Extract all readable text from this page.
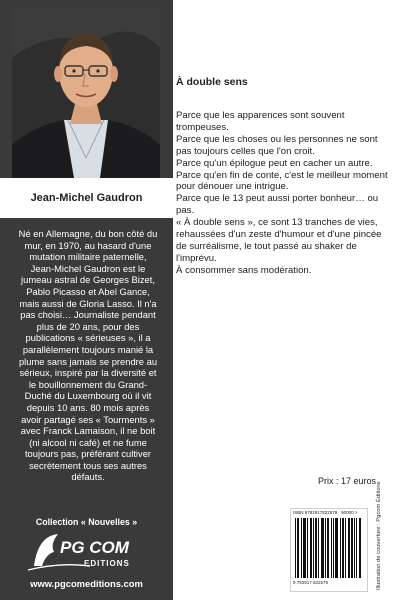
Jean-Michel Gaudron

Né en Allemagne, du bon côté du mur, en 1970, au hasard d'une mutation militaire paternelle, Jean-Michel Gaudron est le jumeau astral de Georges Bizet, Pablo Picasso et Abel Gance, mais aussi de Gloria Lasso. Il n'a pas choisi… Journaliste pendant plus de 20 ans, pour des publications « sérieuses », il a parallèlement toujours manié la plume sans jamais se prendre au sérieux, inspiré par la diversité et le bouillonnement du Grand-Duché du Luxembourg où il vit depuis 10 ans. 80 mois après avoir partagé ses « Tourments » avec Franck Lamaison, il ne boit (ni alcool ni café) et ne fume toujours pas, préférant cultiver secrètement tous ses autres défauts.

Collection « Nouvelles »

PG COM
EDITIONS

www.pgcomeditions.com

À double sens

Parce que les apparences sont souvent trompeuses.

Parce que les choses ou les personnes ne sont pas toujours celles que l'on croit.

Parce qu'un épilogue peut en cacher un autre.

Parce qu'en fin de conte, c'est le meilleur moment pour dénouer une intrigue.

Parce que le 13 peut aussi porter bonheur… ou pas.

« À double sens », ce sont 13 tranches de vies, rehaussées d'un zeste d'humour et d'une pincée de surréalisme, le tout passé au shaker de l'imprévu.

À consommer sans modération.

Prix : 17 euros

ISBN 9782917822579 90000 >

9 782917 822579	Illustration de couverture : Pgcom Éditions
